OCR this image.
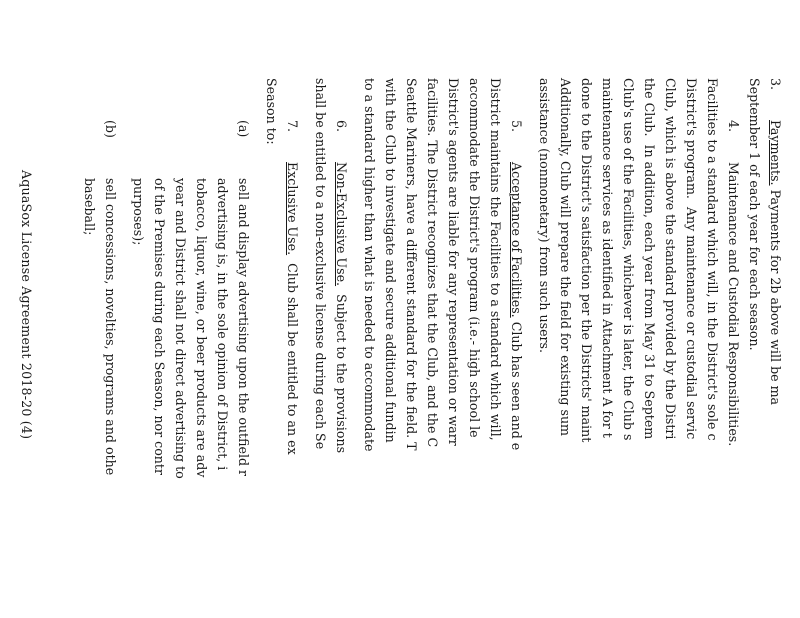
3.Payments. Payments for 2b above will be ma
September 1 of each year for each season.
4.Maintenance and Custodial Responsibilities.
Facilities to a standard which will, in the District's sole c
District's program.  Any maintenance or custodial servic
Club, which is above the standard provided by the Distri
the Club.  In addition, each year from May 31 to Septem
Club's use of the Facilities, whichever is later, the Club s
maintenance services as identified in Attachment A for t
done to the District's satisfaction per the Districts' maint
Additionally, Club will prepare the field for existing sum
assistance (nonmonetary) from such users.
5.Acceptance of Facilities. Club has seen and e
District maintains the Facilities to a standard which will,
accommodate the District's program (i.e.- high school le
District's agents are liable for any representation or warr
facilities. The District recognizes that the Club, and the C
Seattle Mariners, have a different standard for the field. T
with the Club to investigate and secure additional fundin
to a standard higher than what is needed to accommodate
6.Non-Exclusive Use.  Subject to the provisions
shall be entitled to a non-exclusive license during each Se
7.Exclusive Use.  Club shall be entitled to an ex
Season to:
(a)sell and display advertising upon the outfield r
advertising is, in the sole opinion of District, i
tobacco, liquor, wine, or beer products are adv
year and District shall not direct advertising to
of the Premises during each Season, nor contr
purposes);
(b)sell concessions, novelties, programs and othe
baseball;
AquaSox License Agreement 2018-20 (4)
